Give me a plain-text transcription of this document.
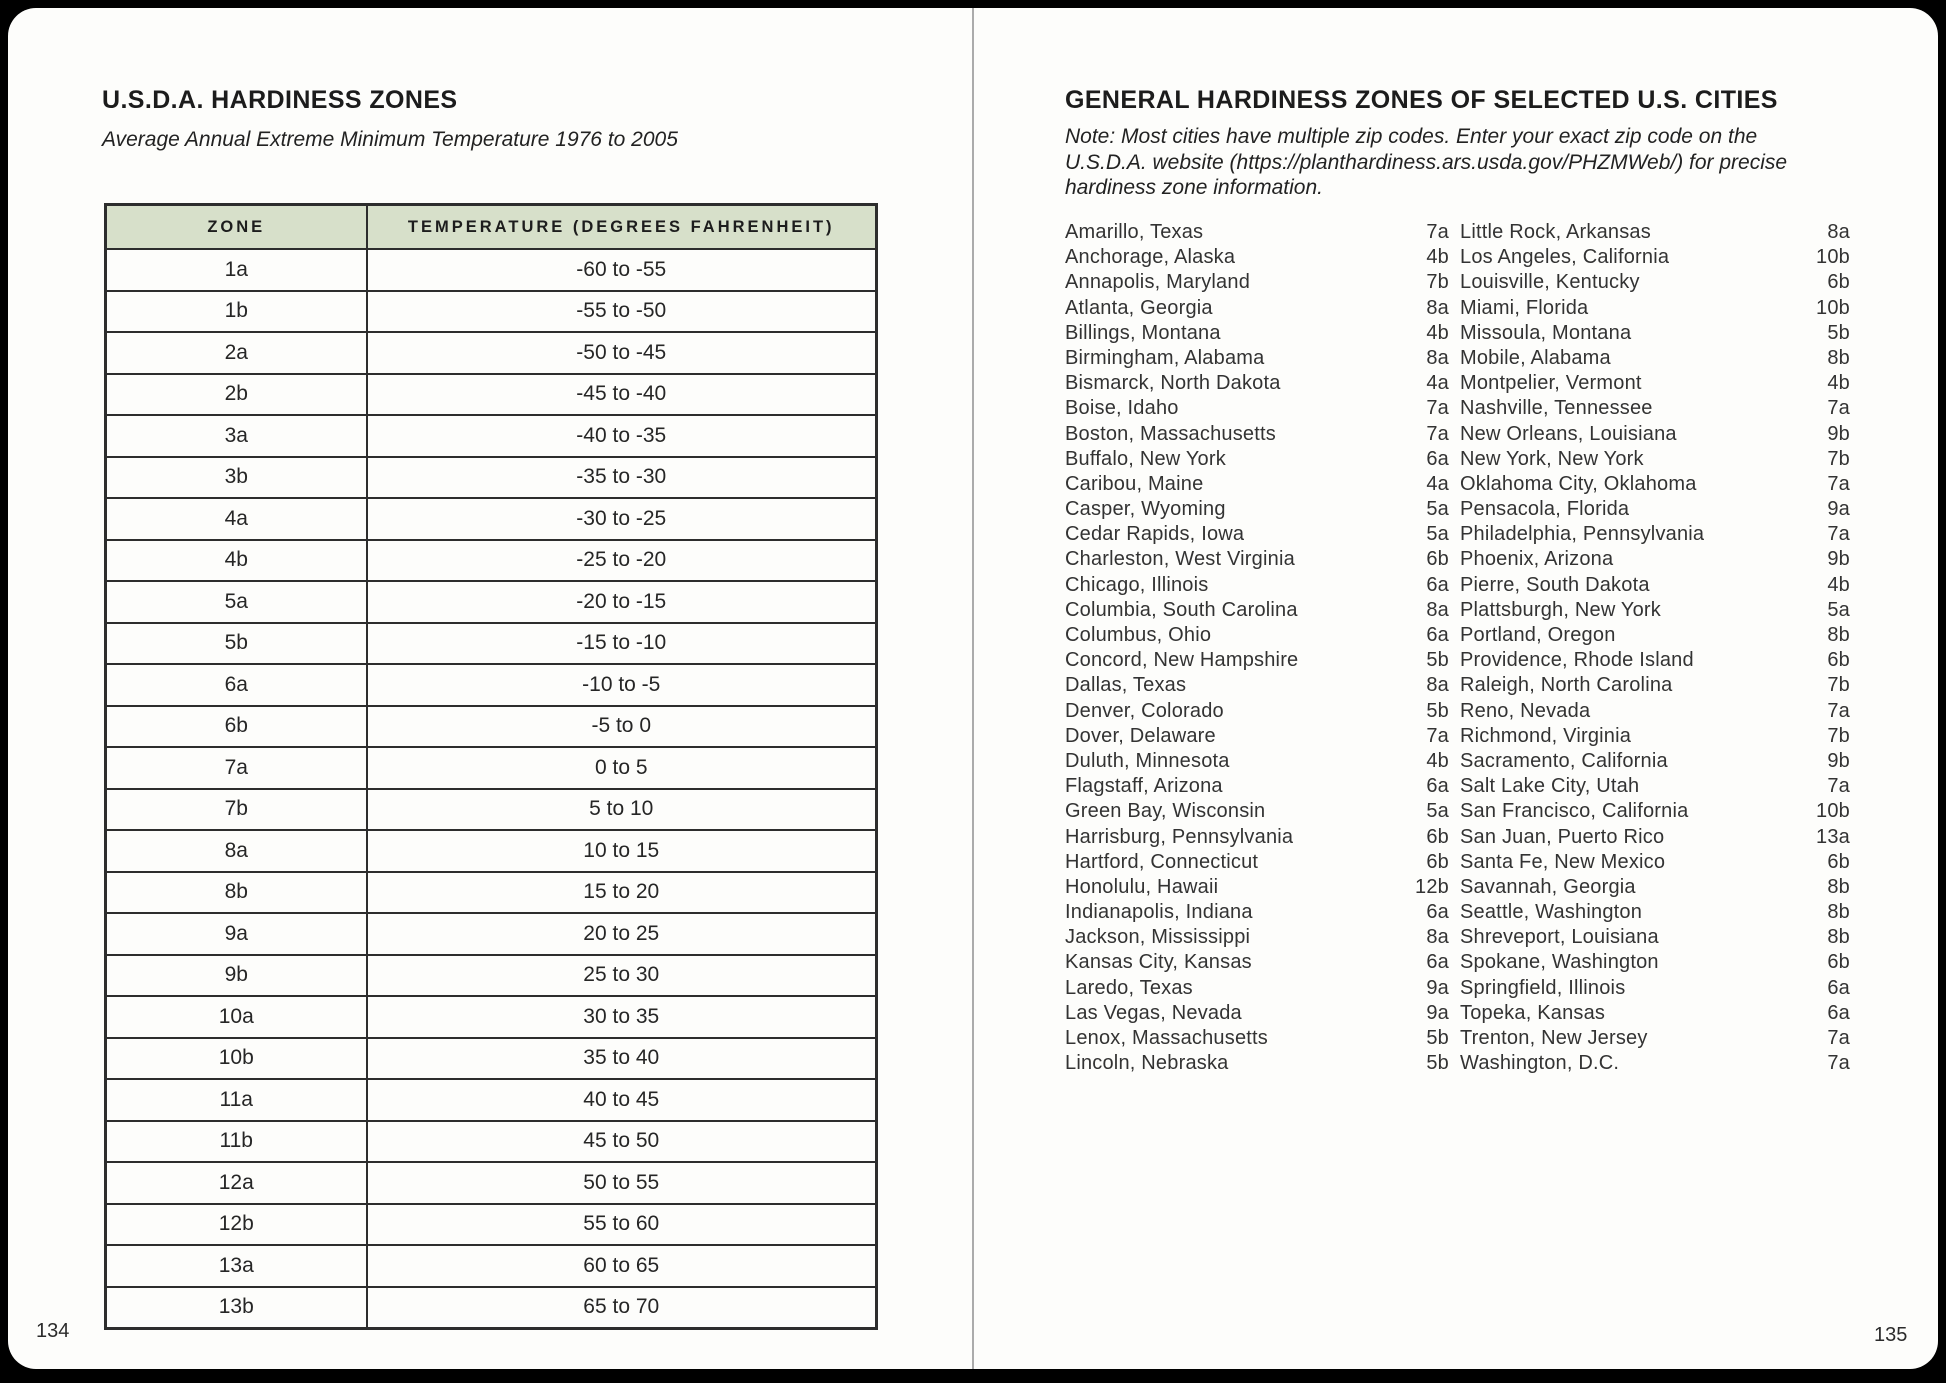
U.S.D.A. HARDINESS ZONES

Average Annual Extreme Minimum Temperature 1976 to 2005

ZONE	TEMPERATURE (DEGREES FAHRENHEIT)
1a	-60 to -55
1b	-55 to -50
2a	-50 to -45
2b	-45 to -40
3a	-40 to -35
3b	-35 to -30
4a	-30 to -25
4b	-25 to -20
5a	-20 to -15
5b	-15 to -10
6a	-10 to -5
6b	-5 to 0
7a	0 to 5
7b	5 to 10
8a	10 to 15
8b	15 to 20
9a	20 to 25
9b	25 to 30
10a	30 to 35
10b	35 to 40
11a	40 to 45
11b	45 to 50
12a	50 to 55
12b	55 to 60
13a	60 to 65
13b	65 to 70
134
GENERAL HARDINESS ZONES OF SELECTED U.S. CITIES

Note: Most cities have multiple zip codes. Enter your exact zip code on the U.S.D.A. website (https://planthardiness.ars.usda.gov/PHZMWeb/) for precise hardiness zone information.

Amarillo, Texas	7a
Anchorage, Alaska	4b
Annapolis, Maryland	7b
Atlanta, Georgia	8a
Billings, Montana	4b
Birmingham, Alabama	8a
Bismarck, North Dakota	4a
Boise, Idaho	7a
Boston, Massachusetts	7a
Buffalo, New York	6a
Caribou, Maine	4a
Casper, Wyoming	5a
Cedar Rapids, Iowa	5a
Charleston, West Virginia	6b
Chicago, Illinois	6a
Columbia, South Carolina	8a
Columbus, Ohio	6a
Concord, New Hampshire	5b
Dallas, Texas	8a
Denver, Colorado	5b
Dover, Delaware	7a
Duluth, Minnesota	4b
Flagstaff, Arizona	6a
Green Bay, Wisconsin	5a
Harrisburg, Pennsylvania	6b
Hartford, Connecticut	6b
Honolulu, Hawaii	12b
Indianapolis, Indiana	6a
Jackson, Mississippi	8a
Kansas City, Kansas	6a
Laredo, Texas	9a
Las Vegas, Nevada	9a
Lenox, Massachusetts	5b
Lincoln, Nebraska	5b
Little Rock, Arkansas	8a
Los Angeles, California	10b
Louisville, Kentucky	6b
Miami, Florida	10b
Missoula, Montana	5b
Mobile, Alabama	8b
Montpelier, Vermont	4b
Nashville, Tennessee	7a
New Orleans, Louisiana	9b
New York, New York	7b
Oklahoma City, Oklahoma	7a
Pensacola, Florida	9a
Philadelphia, Pennsylvania	7a
Phoenix, Arizona	9b
Pierre, South Dakota	4b
Plattsburgh, New York	5a
Portland, Oregon	8b
Providence, Rhode Island	6b
Raleigh, North Carolina	7b
Reno, Nevada	7a
Richmond, Virginia	7b
Sacramento, California	9b
Salt Lake City, Utah	7a
San Francisco, California	10b
San Juan, Puerto Rico	13a
Santa Fe, New Mexico	6b
Savannah, Georgia	8b
Seattle, Washington	8b
Shreveport, Louisiana	8b
Spokane, Washington	6b
Springfield, Illinois	6a
Topeka, Kansas	6a
Trenton, New Jersey	7a
Washington, D.C.	7a
135
